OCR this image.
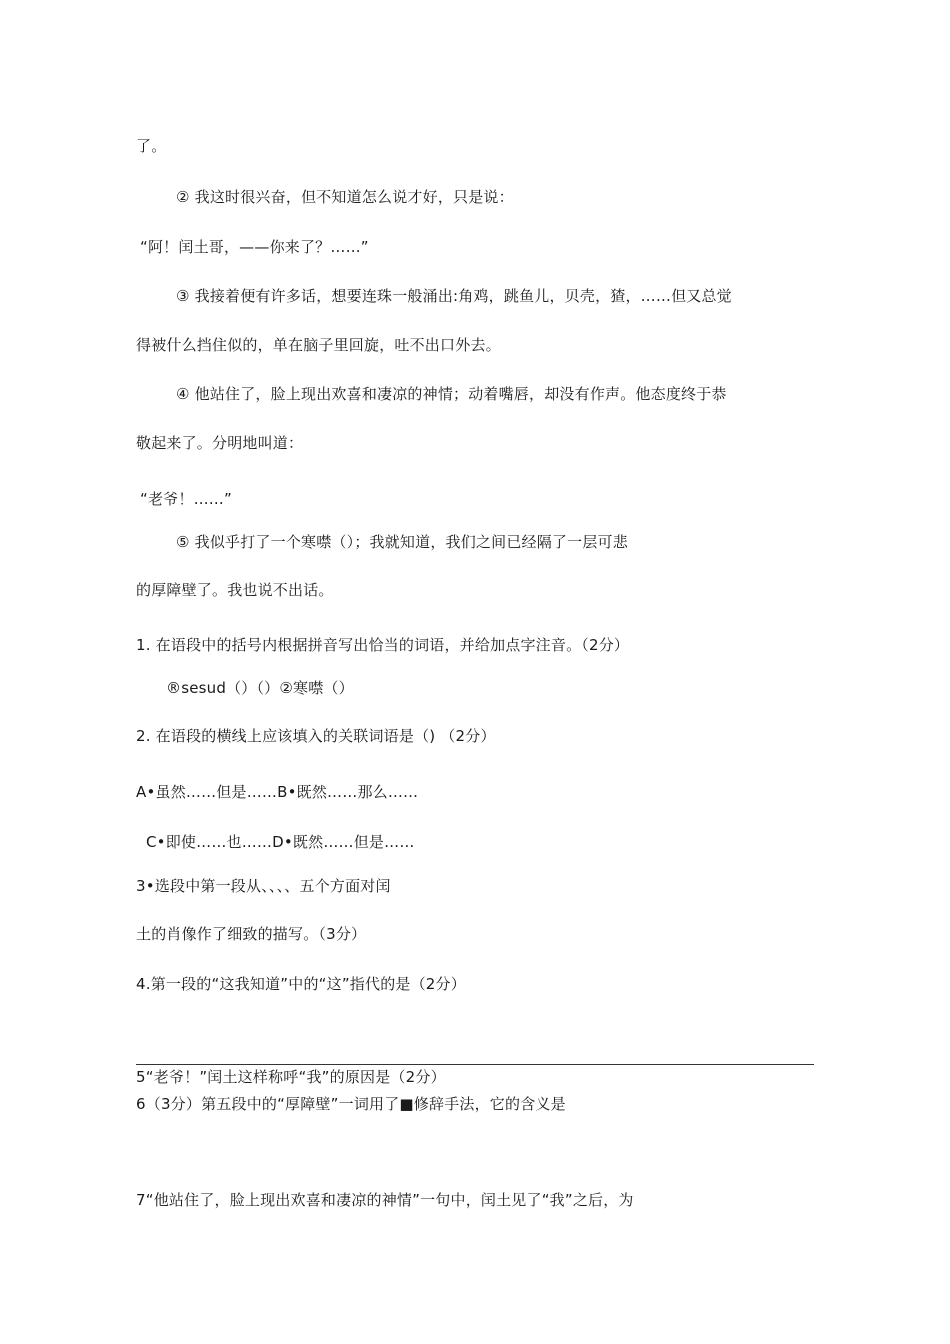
了。
② 我这时很兴奋，但不知道怎么说才好，只是说：
“阿！闰土哥，——你来了？……”
③ 我接着便有许多话，想要连珠一般涌出:角鸡，跳鱼儿，贝壳，猹，……但又总觉
得被什么挡住似的，单在脑子里回旋，吐不出口外去。
④ 他站住了，脸上现出欢喜和凄凉的神情；动着嘴唇，却没有作声。他态度终于恭
敬起来了。分明地叫道：
“老爷！……”
⑤ 我似乎打了一个寒噤（）；我就知道，我们之间已经隔了一层可悲
的厚障壁了。我也说不出话。
1. 在语段中的括号内根据拼音写出恰当的词语，并给加点字注音。（2分）
®sesud（）（）②寒噤（）
2. 在语段的横线上应该填入的关联词语是（) （2分）
A•虽然……但是……B•既然……那么……
C•即使……也……D•既然……但是……
3•选段中第一段从、、、、五个方面对闰
土的肖像作了细致的描写。（3分）
4.第一段的“这我知道”中的“这”指代的是（2分）
5“老爷！”闰土这样称呼“我”的原因是（2分）
6（3分）第五段中的“厚障壁”一词用了■修辞手法，它的含义是
7“他站住了，脸上现出欢喜和凄凉的神情”一句中，闰土见了“我”之后，为
